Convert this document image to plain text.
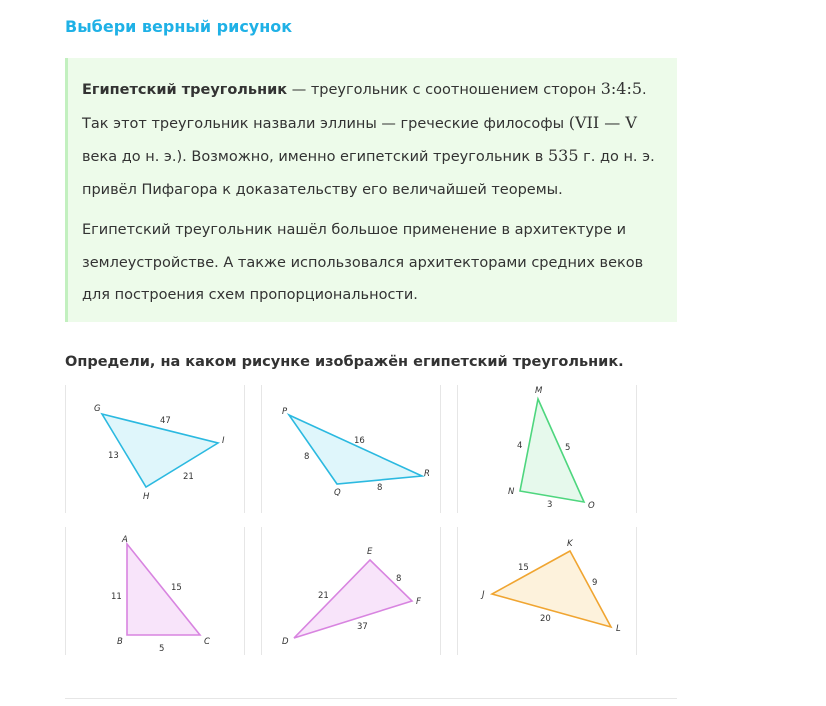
Выбери верный рисунок

Египетский треугольник — треугольник с соотношением сторон 3:4:5. Так этот треугольник назвали эллины — греческие философы (VII — V века до н. э.). Возможно, именно египетский треугольник в 535 г. до н. э. привёл Пифагора к доказательству его величайшей теоремы.

Египетский треугольник нашёл большое применение в архитектуре и землеустройстве. А также использовался архитекторами средних веков для построения схем пропорциональности.

Определи, на каком рисунке изображён египетский треугольник.
G
I
H
47
21
13
P
R
Q
16
8
8
M
O
N
5
3
4
A
C
B
15
5
11
E
F
D
8
37
21
K
L
J
9
20
15
